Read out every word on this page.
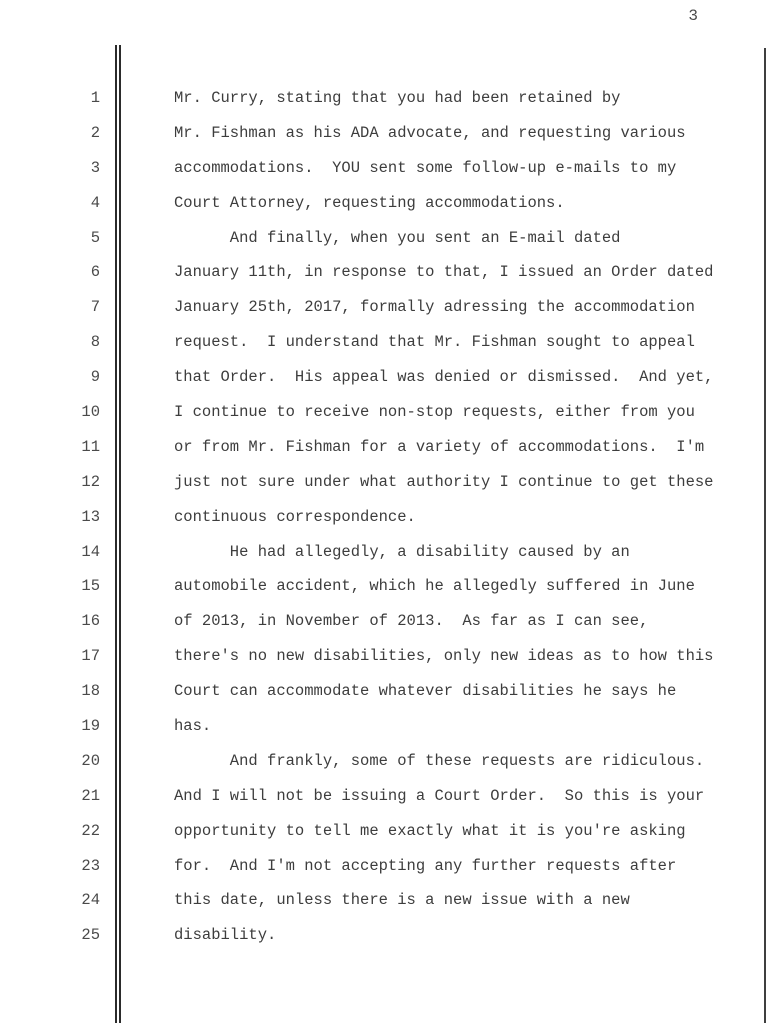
3
1	Mr. Curry, stating that you had been retained by
2	Mr. Fishman as his ADA advocate, and requesting various
3	accommodations.  YOU sent some follow-up e-mails to my
4	Court Attorney, requesting accommodations.
5	And finally, when you sent an E-mail dated
6	January 11th, in response to that, I issued an Order dated
7	January 25th, 2017, formally adressing the accommodation
8	request.  I understand that Mr. Fishman sought to appeal
9	that Order.  His appeal was denied or dismissed.  And yet,
10	I continue to receive non-stop requests, either from you
11	or from Mr. Fishman for a variety of accommodations.  I'm
12	just not sure under what authority I continue to get these
13	continuous correspondence.
14	He had allegedly, a disability caused by an
15	automobile accident, which he allegedly suffered in June
16	of 2013, in November of 2013.  As far as I can see,
17	there's no new disabilities, only new ideas as to how this
18	Court can accommodate whatever disabilities he says he
19	has.
20	And frankly, some of these requests are ridiculous.
21	And I will not be issuing a Court Order.  So this is your
22	opportunity to tell me exactly what it is you're asking
23	for.  And I'm not accepting any further requests after
24	this date, unless there is a new issue with a new
25	disability.
